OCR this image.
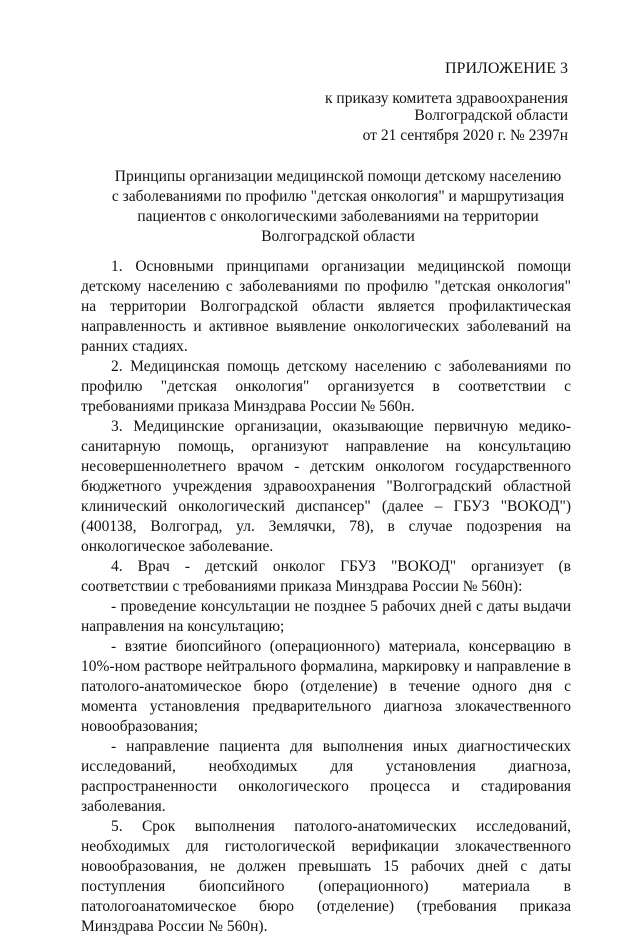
ПРИЛОЖЕНИЕ 3
к приказу комитета здравоохранения
Волгоградской области
от 21 сентября 2020 г. № 2397н
Принципы организации медицинской помощи детскому населению
с заболеваниями по профилю "детская онкология" и маршрутизация
пациентов с онкологическими заболеваниями на территории
Волгоградской области

1. Основными принципами организации медицинской помощи детскому населению с заболеваниями по профилю "детская онкология" на территории Волгоградской области является профилактическая направленность и активное выявление онкологических заболеваний на ранних стадиях.

2. Медицинская помощь детскому населению с заболеваниями по профилю "детская онкология" организуется в соответствии с требованиями приказа Минздрава России № 560н.

3. Медицинские организации, оказывающие первичную медико-санитарную помощь, организуют направление на консультацию несовершеннолетнего врачом - детским онкологом государственного бюджетного учреждения здравоохранения "Волгоградский областной клинический онкологический диспансер" (далее – ГБУЗ "ВОКОД") (400138, Волгоград, ул. Землячки, 78), в случае подозрения на онкологическое заболевание.

4. Врач - детский онколог ГБУЗ "ВОКОД" организует (в соответствии с требованиями приказа Минздрава России № 560н):

- проведение консультации не позднее 5 рабочих дней с даты выдачи направления на консультацию;

- взятие биопсийного (операционного) материала, консервацию в 10%-ном растворе нейтрального формалина, маркировку и направление в патолого-анатомическое бюро (отделение) в течение одного дня с момента установления предварительного диагноза злокачественного новообразования;

- направление пациента для выполнения иных диагностических исследований, необходимых для установления диагноза, распространенности онкологического процесса и стадирования заболевания.

5. Срок выполнения патолого-анатомических исследований, необходимых для гистологической верификации злокачественного новообразования, не должен превышать 15 рабочих дней с даты поступления биопсийного (операционного) материала в патологоанатомическое бюро (отделение) (требования приказа Минздрава России № 560н).
